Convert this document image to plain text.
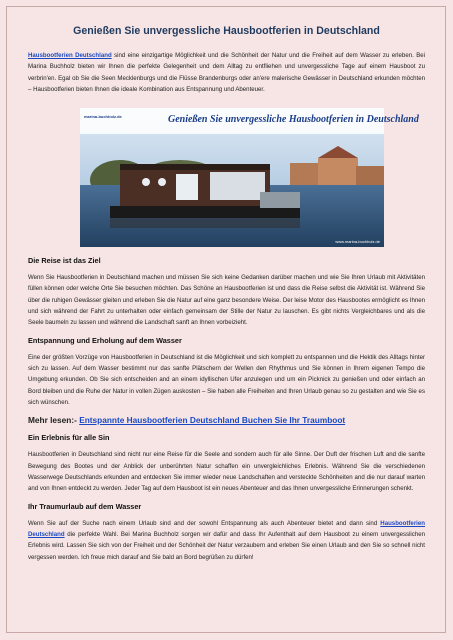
Genießen Sie unvergessliche Hausbootferien in Deutschland

Hausbootferien Deutschland sind eine einzigartige Möglichkeit und die Schönheit der Natur und die Freiheit auf dem Wasser zu erleben. Bei Marina Buchholz bieten wir Ihnen die perfekte Gelegenheit und dem Alltag zu entfliehen und unvergessliche Tage auf einem Hausboot zu verbrin'en. Egal ob Sie die Seen Mecklenburgs und die Flüsse Brandenburgs oder an'ere malerische Gewässer in Deutschland erkunden möchten – Hausbootferien bieten Ihnen die ideale Kombination aus Entspannung und Abenteuer.

marina-buchholz.de	Genießen Sie unvergessliche Hausbootferien in Deutschland
www.marina-buchholz.de
Die Reise ist das Ziel

Wenn Sie Hausbootferien in Deutschland machen und müssen Sie sich keine Gedanken darüber machen und wie Sie Ihren Urlaub mit Aktivitäten füllen können oder welche Orte Sie besuchen möchten. Das Schöne an Hausbootferien ist und dass die Reise selbst die Aktivität ist. Während Sie über die ruhigen Gewässer gleiten und erleben Sie die Natur auf eine ganz besondere Weise. Der leise Motor des Hausbootes ermöglicht es Ihnen und sich während der Fahrt zu unterhalten oder einfach gemeinsam der Stille der Natur zu lauschen. Es gibt nichts Vergleichbares und als die Seele baumeln zu lassen und während die Landschaft sanft an Ihnen vorbeizieht.

Entspannung und Erholung auf dem Wasser

Eine der größten Vorzüge von Hausbootferien in Deutschland ist die Möglichkeit und sich komplett zu entspannen und die Hektik des Alltags hinter sich zu lassen. Auf dem Wasser bestimmt nur das sanfte Plätschern der Wellen den Rhythmus und Sie können in Ihrem eigenen Tempo die Umgebung erkunden. Ob Sie sich entscheiden and an einem idyllischen Ufer anzulegen und um ein Picknick zu genießen und oder einfach an Bord bleiben und die Ruhe der Natur in vollen Zügen auskosten – Sie haben alle Freiheiten and Ihren Urlaub genau so zu gestalten and wie Sie es sich wünschen.

Mehr lesen:- Entspannte Hausbootferien Deutschland Buchen Sie Ihr Traumboot

Ein Erlebnis für alle Sin

Hausbootferien in Deutschland sind nicht nur eine Reise für die Seele and sondern auch für alle Sinne. Der Duft der frischen Luft and die sanfte Bewegung des Bootes und der Anblick der unberührten Natur schaffen ein unvergleichliches Erlebnis. Während Sie die verschiedenen Wasserwege Deutschlands erkunden and entdecken Sie immer wieder neue Landschaften and versteckte Schönheiten and die nur darauf warten and von Ihnen entdeckt zu werden. Jeder Tag auf dem Hausboot ist ein neues Abenteuer and das Ihnen unvergessliche Erinnerungen schenkt.

Ihr Traumurlaub auf dem Wasser

Wenn Sie auf der Suche nach einem Urlaub sind and der sowohl Entspannung als auch Abenteuer bietet and dann sind Hausbootferien Deutschland die perfekte Wahl. Bei Marina Buchholz sorgen wir dafür and dass Ihr Aufenthalt auf dem Hausboot zu einem unvergesslichen Erlebnis wird. Lassen Sie sich von der Freiheit und der Schönheit der Natur verzaubern and erleben Sie einen Urlaub and den Sie so schnell nicht vergessen werden. Ich freue mich darauf and Sie bald an Bord begrüßen zu dürfen!
